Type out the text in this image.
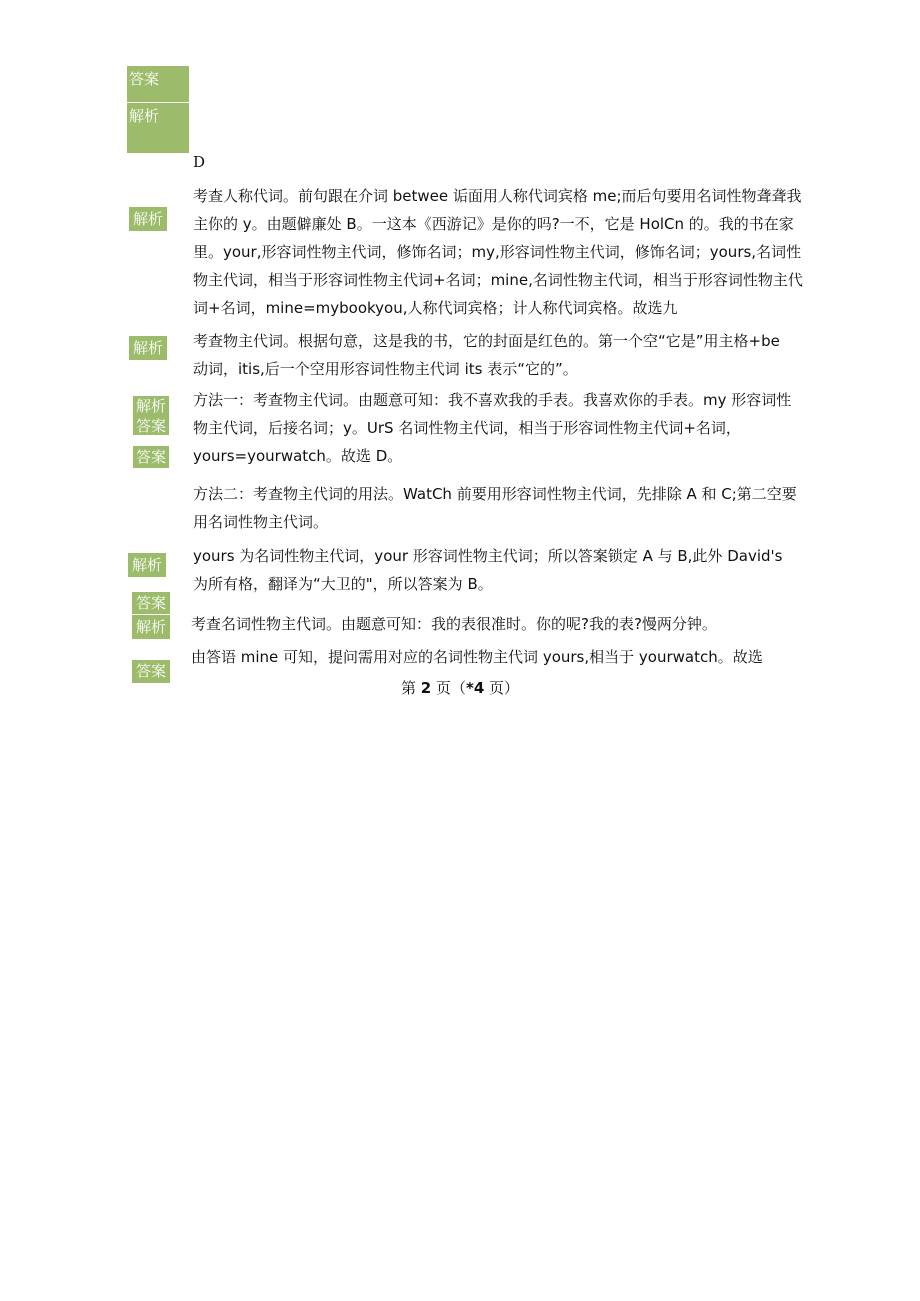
答案
解析
D
解析

考查人称代词。前句跟在介词 betwee 诟面用人称代词宾格 me;而后句要用名词性物聋聋我主你的 y。由题僻廉处 B。一这本《西游记》是你的吗?一不，它是 HolCn 的。我的书在家里。your,形容词性物主代词，修饰名词；my,形容词性物主代词，修饰名词；yours,名词性物主代词，相当于形容词性物主代词+名词；mine,名词性物主代词，相当于形容词性物主代词+名词，mine=mybookyou,人称代词宾格；计人称代词宾格。故选九

解析 考查物主代词。根据句意，这是我的书，它的封面是红色的。第一个空“它是”用主格+be 动词，itis,后一个空用形容词性物主代词 its 表示“它的”。

解析
答案
答案

方法一：考查物主代词。由题意可知：我不喜欢我的手表。我喜欢你的手表。my 形容词性物主代词，后接名词；y。UrS 名词性物主代词，相当于形容词性物主代词+名词，yours=yourwatch。故选 D。

方法二：考查物主代词的用法。WatCh 前要用形容词性物主代词，先排除 A 和 C;第二空要用名词性物主代词。

解析 yours 为名词性物主代词，your 形容词性物主代词；所以答案锁定 A 与 B,此外 David's 为所有格，翻译为“大卫的"，所以答案为 B。

答案
解析 考查名词性物主代词。由题意可知：我的表很准时。你的呢?我的表?慢两分钟。

答案

由答语 mine 可知，提问需用对应的名词性物主代词 yours,相当于 yourwatch。故选

第 2 页（*4 页）
